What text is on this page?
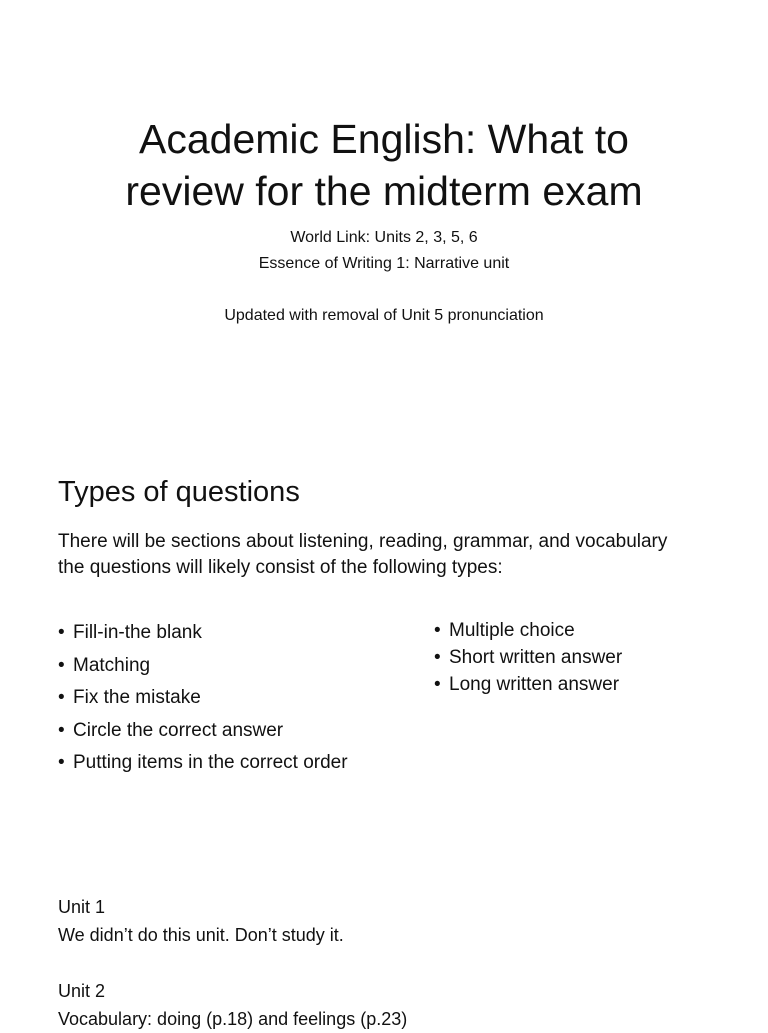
Academic English: What to
review for the midterm exam
World Link: Units 2, 3, 5, 6
Essence of Writing 1: Narrative unit
Updated with removal of Unit 5 pronunciation
Types of questions
There will be sections about listening, reading, grammar, and vocabulary the questions will likely consist of the following types:
• Fill-in-the blank
• Matching
• Fix the mistake
• Circle the correct answer
• Putting items in the correct order
• Multiple choice
• Short written answer
• Long written answer
Unit 1
We didn’t do this unit. Don’t study it.
Unit 2
Vocabulary: doing (p.18) and feelings (p.23)
